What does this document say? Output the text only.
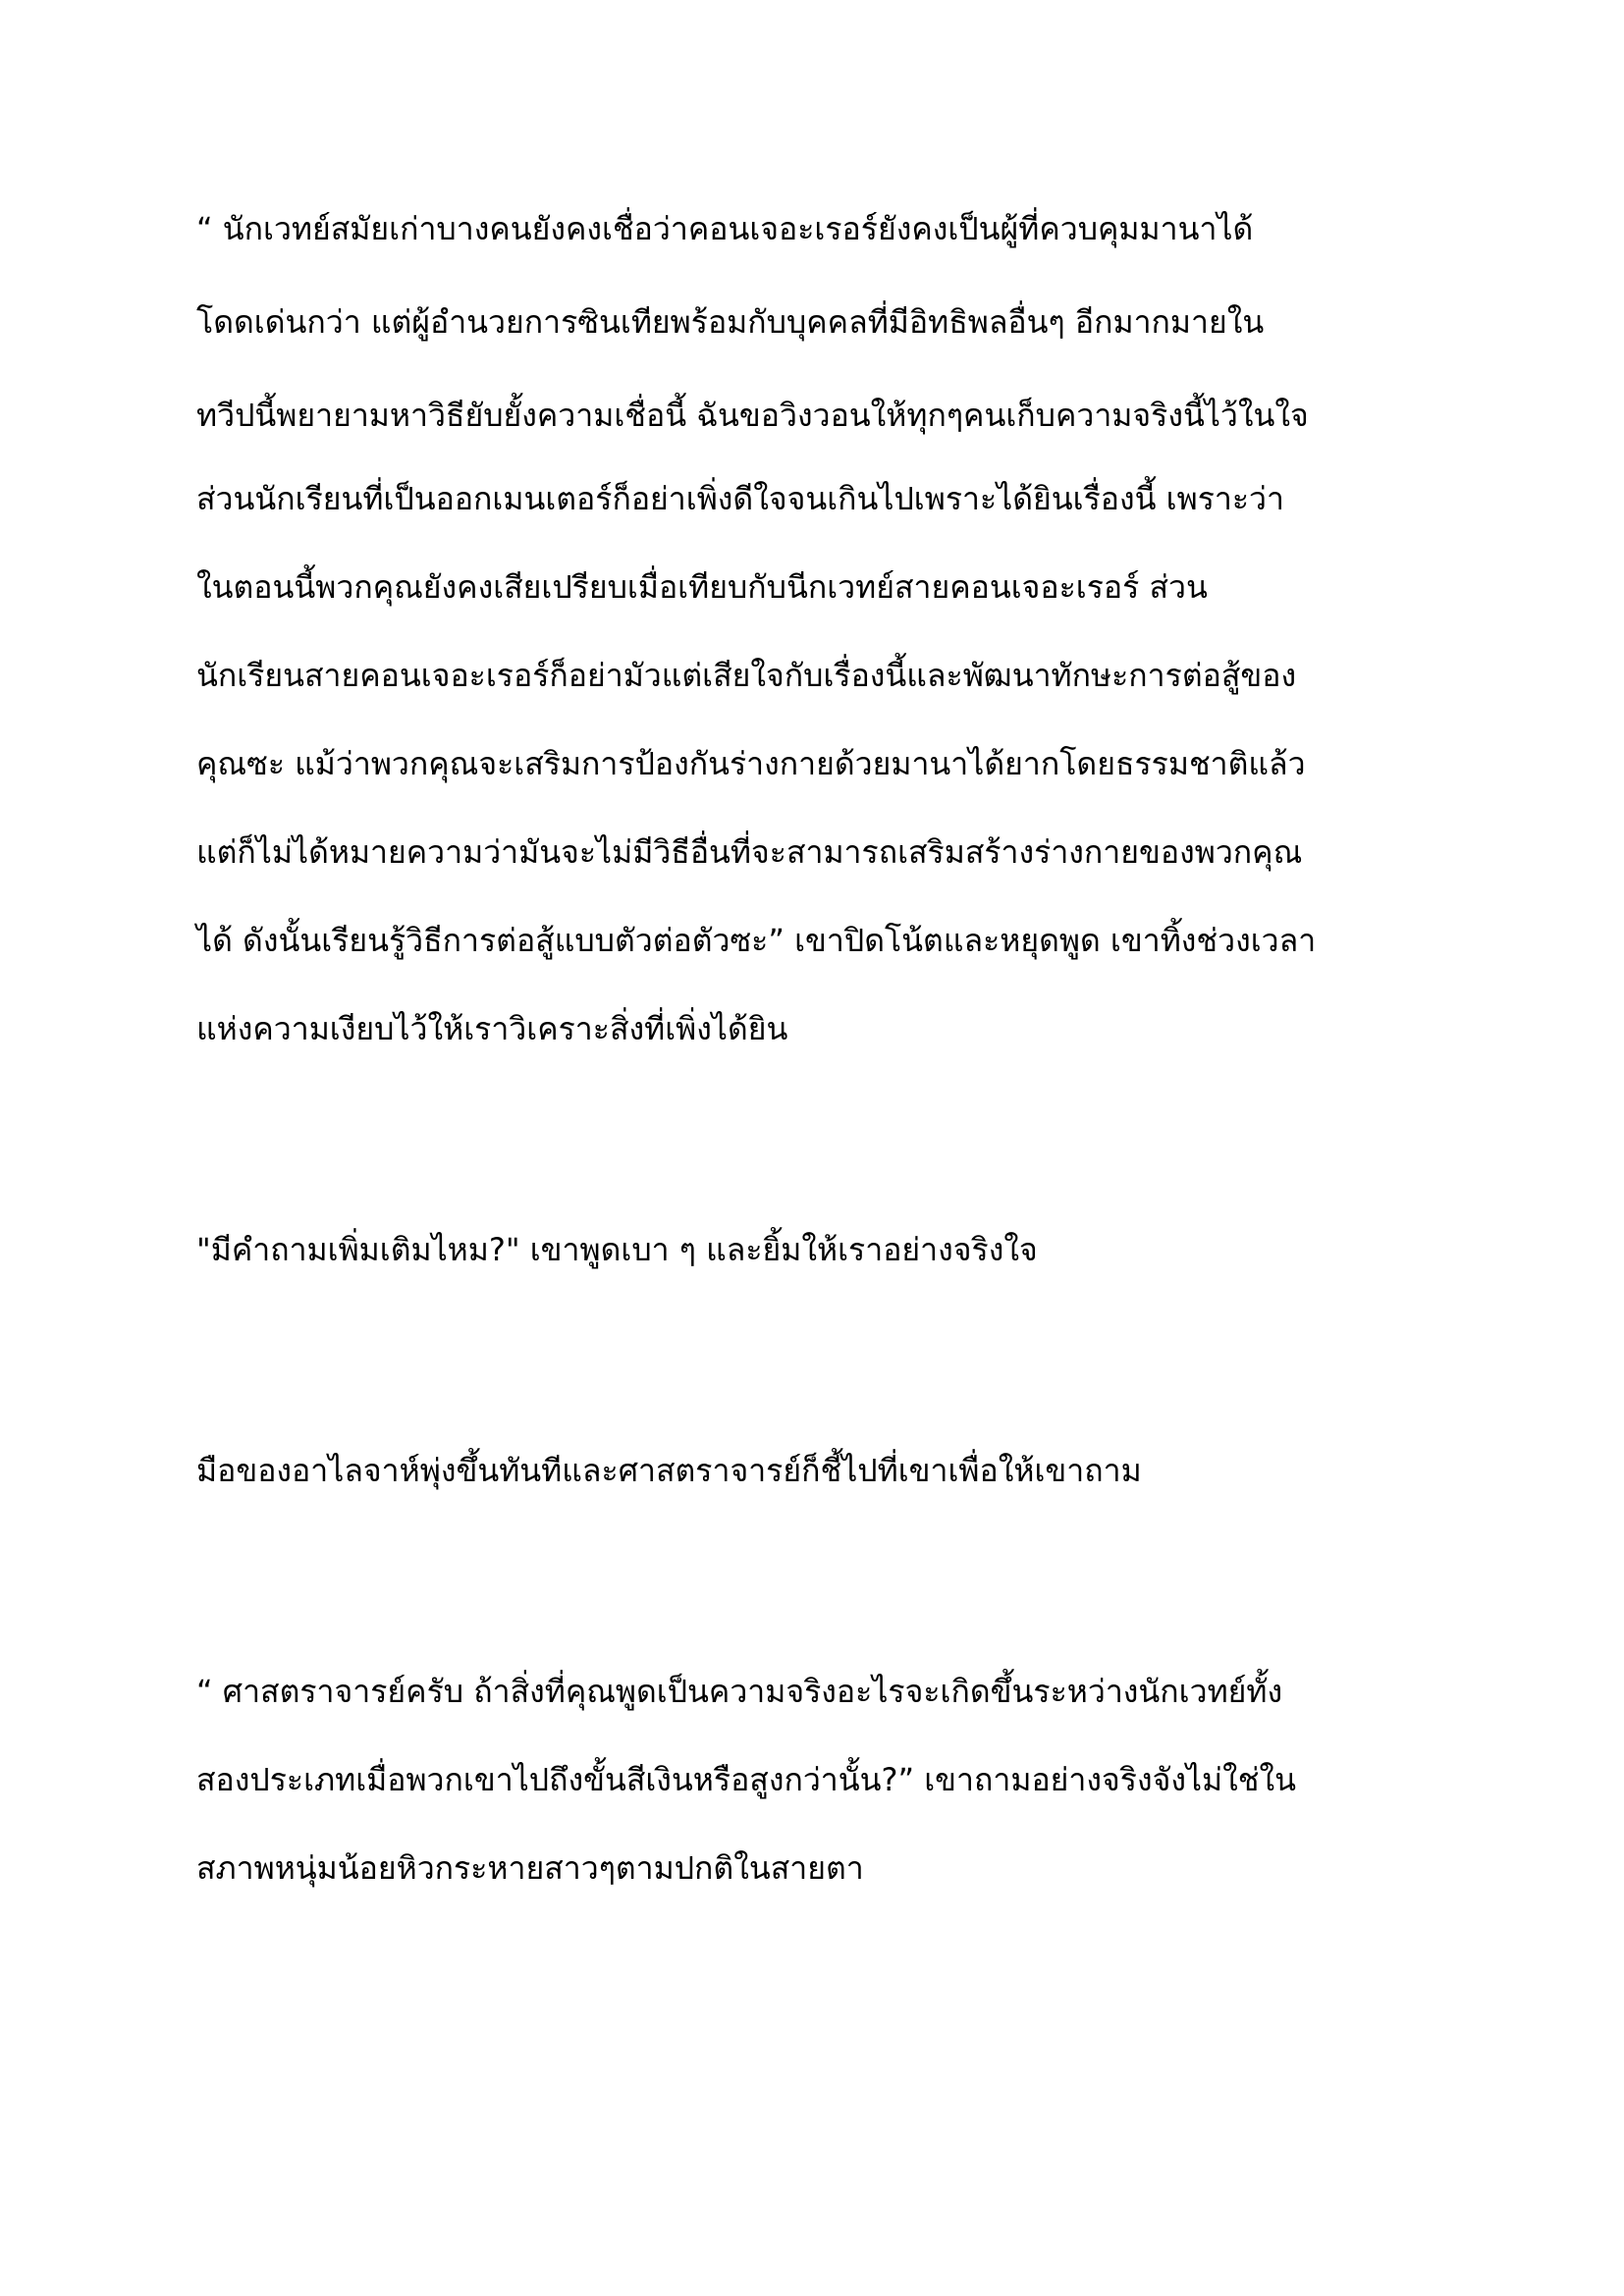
“ นักเวทย์สมัยเก่าบางคนยังคงเชื่อว่าคอนเจอะเรอร์ยังคงเป็นผู้ที่ควบคุมมานาได้
โดดเด่นกว่า แต่ผู้อำนวยการซินเทียพร้อมกับบุคคลที่มีอิทธิพลอื่นๆ อีกมากมายใน
ทวีปนี้พยายามหาวิธียับยั้งความเชื่อนี้ ฉันขอวิงวอนให้ทุกๆคนเก็บความจริงนี้ไว้ในใจ
ส่วนนักเรียนที่เป็นออกเมนเตอร์ก็อย่าเพิ่งดีใจจนเกินไปเพราะได้ยินเรื่องนี้ เพราะว่า
ในตอนนี้พวกคุณยังคงเสียเปรียบเมื่อเทียบกับนีกเวทย์สายคอนเจอะเรอร์ ส่วน
นักเรียนสายคอนเจอะเรอร์ก็อย่ามัวแต่เสียใจกับเรื่องนี้และพัฒนาทักษะการต่อสู้ของ
คุณซะ แม้ว่าพวกคุณจะเสริมการป้องกันร่างกายด้วยมานาได้ยากโดยธรรมชาติแล้ว
แต่ก็ไม่ได้หมายความว่ามันจะไม่มีวิธีอื่นที่จะสามารถเสริมสร้างร่างกายของพวกคุณ
ได้ ดังนั้นเรียนรู้วิธีการต่อสู้แบบตัวต่อตัวซะ” เขาปิดโน้ตและหยุดพูด เขาทิ้งช่วงเวลา
แห่งความเงียบไว้ให้เราวิเคราะสิ่งที่เพิ่งได้ยิน
"มีคำถามเพิ่มเติมไหม?" เขาพูดเบา ๆ และยิ้มให้เราอย่างจริงใจ
มือของอาไลจาห์พุ่งขึ้นทันทีและศาสตราจารย์ก็ชี้ไปที่เขาเพื่อให้เขาถาม
“ ศาสตราจารย์ครับ ถ้าสิ่งที่คุณพูดเป็นความจริงอะไรจะเกิดขึ้นระหว่างนักเวทย์ทั้ง
สองประเภทเมื่อพวกเขาไปถึงขั้นสีเงินหรือสูงกว่านั้น?” เขาถามอย่างจริงจังไม่ใช่ใน
สภาพหนุ่มน้อยหิวกระหายสาวๆตามปกติในสายตา
